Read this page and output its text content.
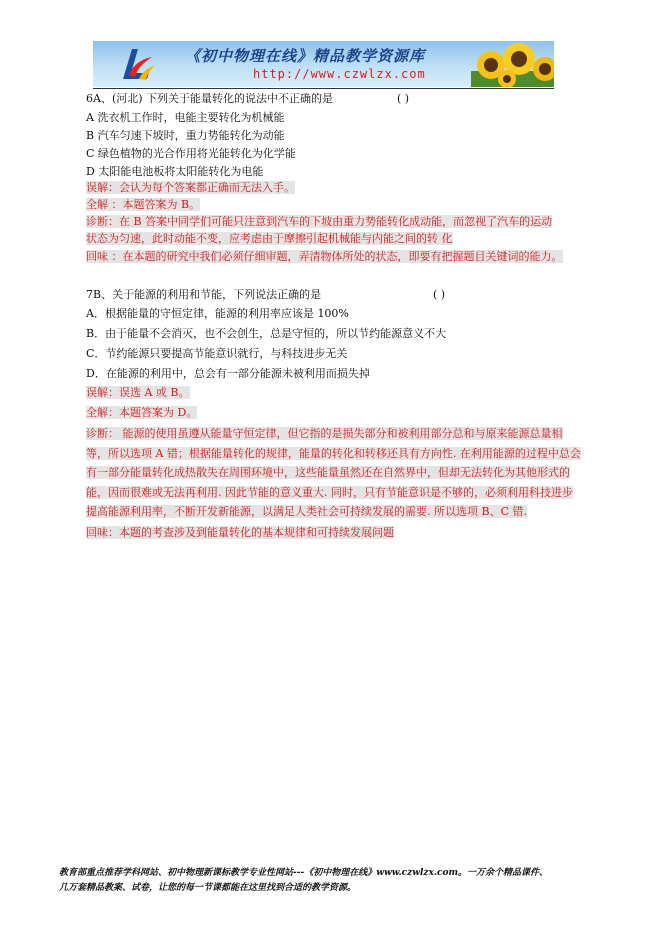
《初中物理在线》精品教学资源库
http://www.czwlzx.com
6A、(河北) 下列关于能量转化的说法中不正确的是	( )
A 洗衣机工作时，电能主要转化为机械能
B 汽车匀速下坡时，重力势能转化为动能
C 绿色植物的光合作用将光能转化为化学能
D 太阳能电池板将太阳能转化为电能
误解：会认为每个答案都正确而无法入手。
全解 ：本题答案为 B。
诊断：在 B 答案中同学们可能只注意到汽车的下坡由重力势能转化成动能，而忽视了汽车的运动
状态为匀速，此时动能不变，应考虑由于摩擦引起机械能与内能之间的转 化
回味 ：在本题的研究中我们必须仔细审题，弄清物体所处的状态，即要有把握题目关键词的能力。
7B、关于能源的利用和节能，下列说法正确的是	( )
A．根据能量的守恒定律，能源的利用率应该是 100%
B．由于能量不会消灭，也不会创生，总是守恒的，所以节约能源意义不大
C．节约能源只要提高节能意识就行，与科技进步无关
D．在能源的利用中，总会有一部分能源未被利用而损失掉
误解：误选 A 或 B。
全解：本题答案为 D。
诊断： 能源的使用虽遵从能量守恒定律，但它指的是损失部分和被利用部分总和与原来能源总量相等，所以选项 A 错；根据能量转化的规律，能量的转化和转移还具有方向性. 在利用能源的过程中总会有一部分能量转化成热散失在周围环境中，这些能量虽然还在自然界中，但却无法转化为其他形式的能，因而很难或无法再利用. 因此节能的意义重大. 同时，只有节能意识是不够的，必须利用科技进步提高能源利用率，不断开发新能源，以满足人类社会可持续发展的需要. 所以选项 B、C 错.
回味：本题的考查涉及到能量转化的基本规律和可持续发展问题
教育部重点推荐学科网站、初中物理新课标教学专业性网站---《初中物理在线》www.czwlzx.com。一万余个精品课件、
几万套精品教案、试卷，让您的每一节课都能在这里找到合适的教学资源。
